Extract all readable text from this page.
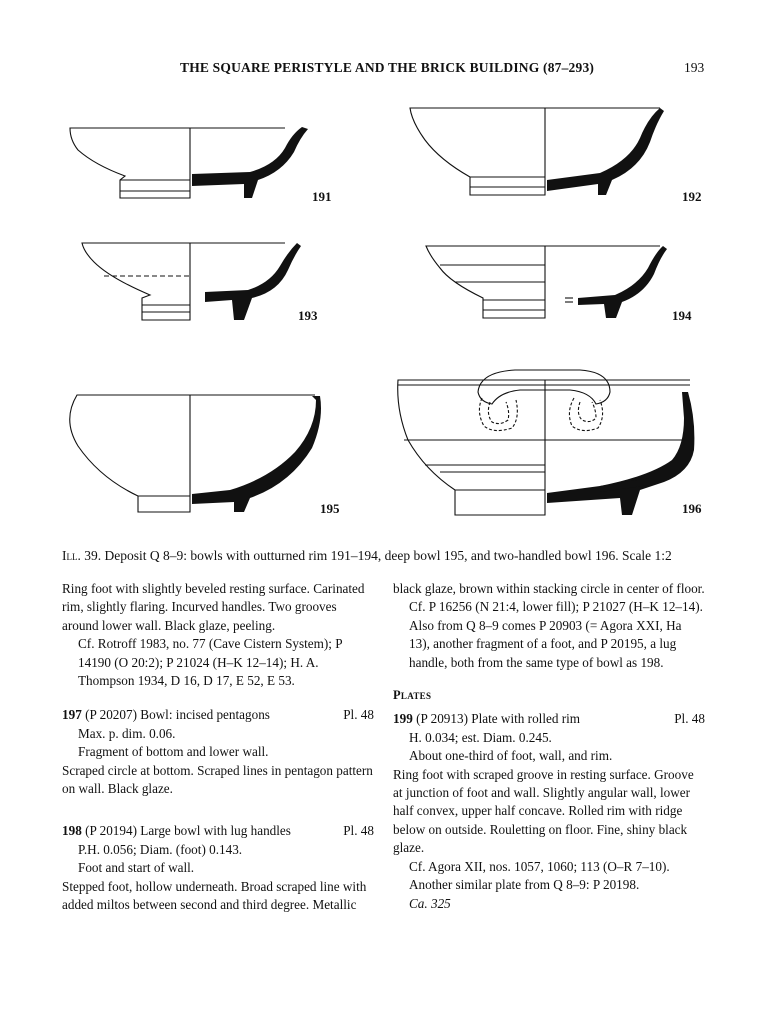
THE SQUARE PERISTYLE AND THE BRICK BUILDING (87–293)	193
191	192
193	194
195	196
Ill. 39. Deposit Q 8–9: bowls with outturned rim 191–194, deep bowl 195, and two-handled bowl 196. Scale 1:2

Ring foot with slightly beveled resting surface. Carinated rim, slightly flaring. Incurved handles. Two grooves around lower wall. Black glaze, peeling.

Cf. Rotroff 1983, no. 77 (Cave Cistern System); P 14190 (O 20:2); P 21024 (H–K 12–14); H. A. Thompson 1934, D 16, D 17, E 52, E 53.

197 (P 20207) Bowl: incised pentagons	Pl. 48

Max. p. dim. 0.06.

Fragment of bottom and lower wall.

Scraped circle at bottom. Scraped lines in pentagon pattern on wall. Black glaze.

198 (P 20194) Large bowl with lug handles	Pl. 48

P.H. 0.056; Diam. (foot) 0.143.

Foot and start of wall.

Stepped foot, hollow underneath. Broad scraped line with added miltos between second and third degree. Metallic

black glaze, brown within stacking circle in center of floor.

Cf. P 16256 (N 21:4, lower fill); P 21027 (H–K 12–14). Also from Q 8–9 comes P 20903 (= Agora XXI, Ha 13), another fragment of a foot, and P 20195, a lug handle, both from the same type of bowl as 198.

Plates
199 (P 20913) Plate with rolled rim	Pl. 48

H. 0.034; est. Diam. 0.245.

About one-third of foot, wall, and rim.

Ring foot with scraped groove in resting surface. Groove at junction of foot and wall. Slightly angular wall, lower half convex, upper half concave. Rolled rim with ridge below on outside. Rouletting on floor. Fine, shiny black glaze.

Cf. Agora XII, nos. 1057, 1060; 113 (O–R 7–10). Another similar plate from Q 8–9: P 20198.

Ca. 325
